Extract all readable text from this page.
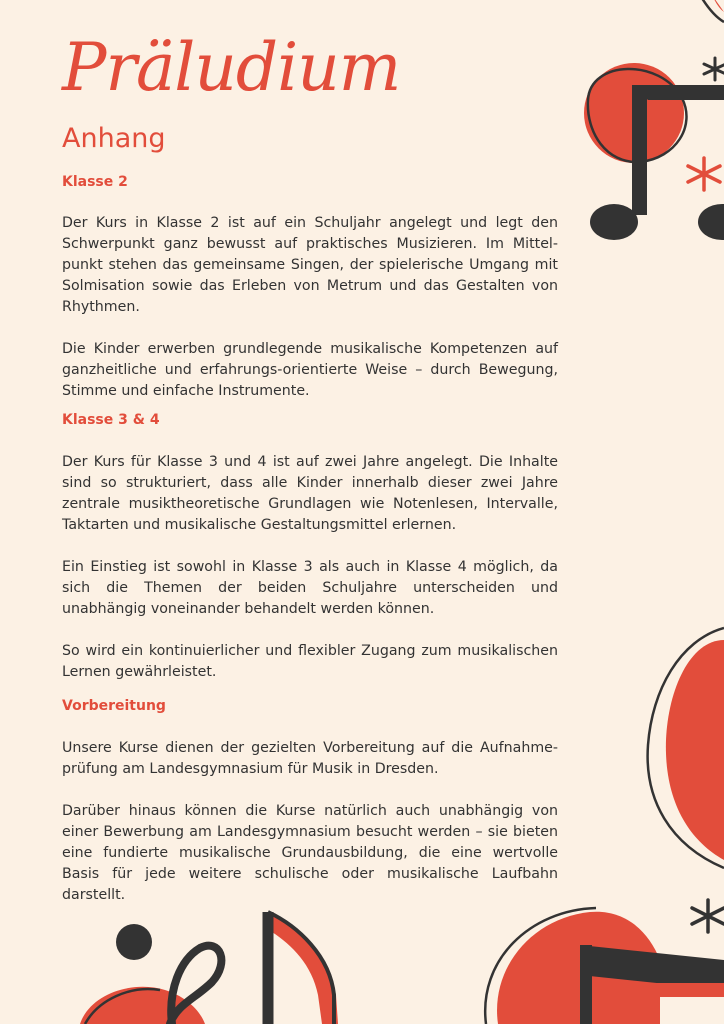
Präludium
Anhang
Klasse 2

Der Kurs in Klasse 2 ist auf ein Schuljahr angelegt und legt den Schwerpunkt ganz bewusst auf praktisches Musizieren. Im Mittelpunkt stehen das gemeinsame Singen, der spielerische Umgang mit Solmisation sowie das Erleben von Metrum und das Gestalten von Rhythmen.

Die Kinder erwerben grundlegende musikalische Kompetenzen auf ganzheitliche und erfahrungs-orientierte Weise – durch Bewegung, Stimme und einfache Instrumente.

Klasse 3 & 4

Der Kurs für Klasse 3 und 4 ist auf zwei Jahre angelegt. Die Inhalte sind so strukturiert, dass alle Kinder innerhalb dieser zwei Jahre zentrale musiktheoretische Grundlagen wie Notenlesen, Intervalle, Taktarten und musikalische Gestaltungsmittel erlernen.

Ein Einstieg ist sowohl in Klasse 3 als auch in Klasse 4 möglich, da sich die Themen der beiden Schuljahre unterscheiden und unabhängig voneinander behandelt werden können.

So wird ein kontinuierlicher und flexibler Zugang zum musikalischen Lernen gewährleistet.

Vorbereitung

Unsere Kurse dienen der gezielten Vorbereitung auf die Aufnahmeprüfung am Landesgymnasium für Musik in Dresden.

Darüber hinaus können die Kurse natürlich auch unabhängig von einer Bewerbung am Landesgymnasium besucht werden – sie bieten eine fundierte musikalische Grundausbildung, die eine wertvolle Basis für jede weitere schulische oder musikalische Laufbahn darstellt.
